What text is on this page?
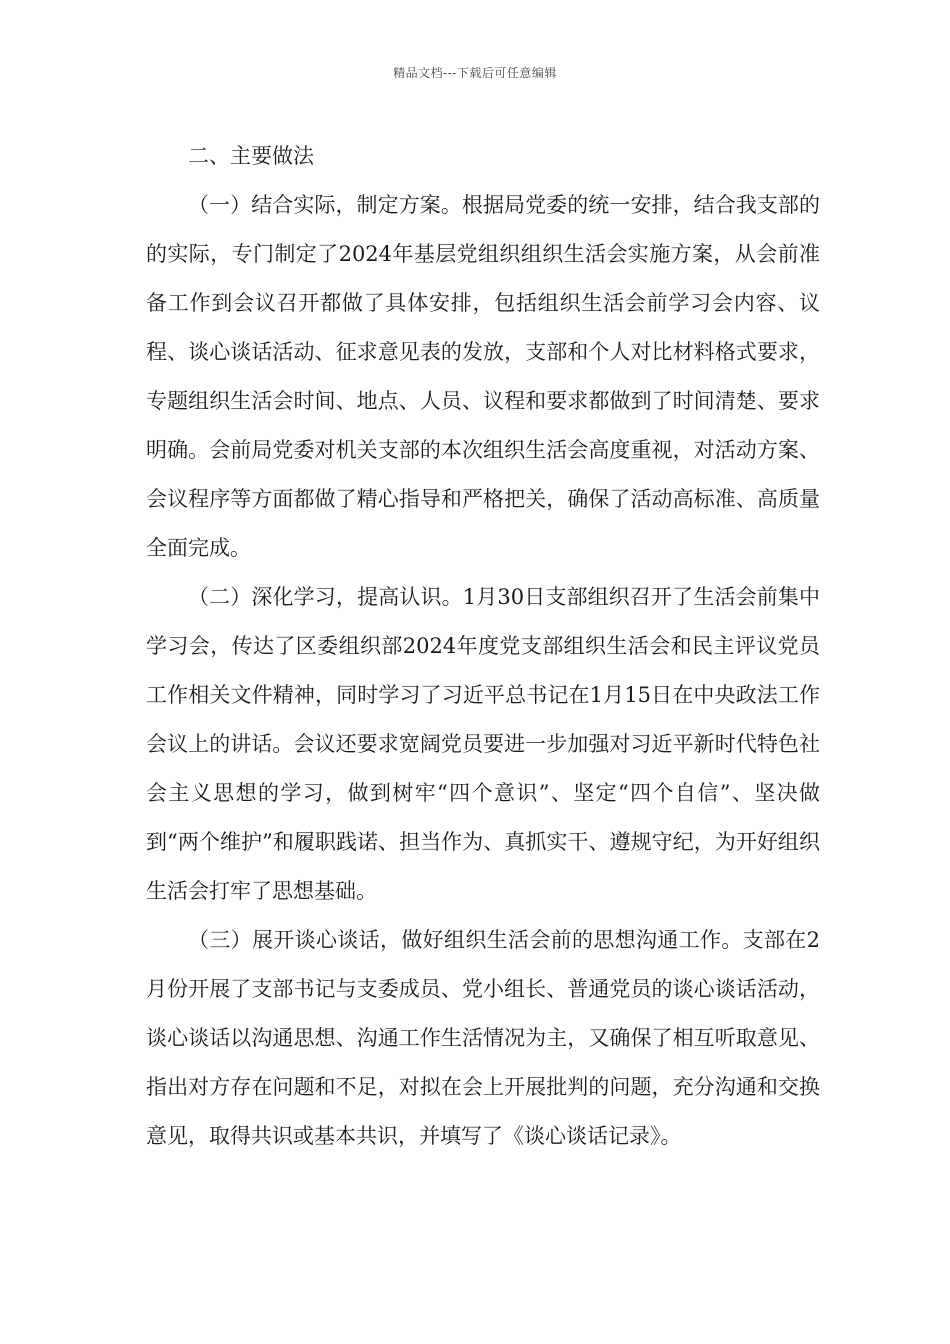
精品文档---下载后可任意编辑
二、主要做法

（一）结合实际，制定方案。根据局党委的统一安排，结合我支部的的实际，专门制定了2024年基层党组织组织生活会实施方案，从会前准备工作到会议召开都做了具体安排，包括组织生活会前学习会内容、议程、谈心谈话活动、征求意见表的发放，支部和个人对比材料格式要求，专题组织生活会时间、地点、人员、议程和要求都做到了时间清楚、要求明确。会前局党委对机关支部的本次组织生活会高度重视，对活动方案、会议程序等方面都做了精心指导和严格把关，确保了活动高标准、高质量全面完成。

（二）深化学习，提高认识。1月30日支部组织召开了生活会前集中学习会，传达了区委组织部2024年度党支部组织生活会和民主评议党员工作相关文件精神，同时学习了习近平总书记在1月15日在中央政法工作会议上的讲话。会议还要求宽阔党员要进一步加强对习近平新时代特色社会主义思想的学习，做到树牢“四个意识”、坚定“四个自信”、坚决做到“两个维护”和履职践诺、担当作为、真抓实干、遵规守纪，为开好组织生活会打牢了思想基础。

（三）展开谈心谈话，做好组织生活会前的思想沟通工作。支部在2月份开展了支部书记与支委成员、党小组长、普通党员的谈心谈话活动，谈心谈话以沟通思想、沟通工作生活情况为主，又确保了相互听取意见、指出对方存在问题和不足，对拟在会上开展批判的问题，充分沟通和交换意见，取得共识或基本共识，并填写了《谈心谈话记录》。
